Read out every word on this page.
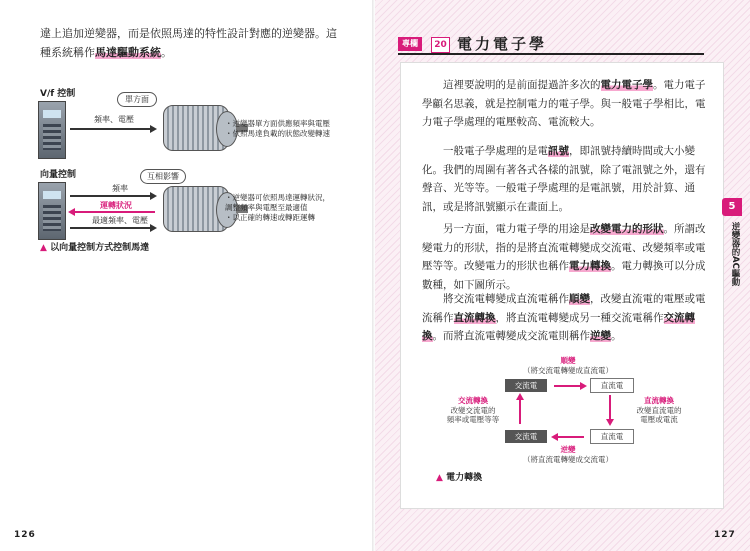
違上追加逆變器，而是依照馬達的特性設計對應的逆變器。這種系統稱作馬達驅動系統。
V/f 控制
單方面
頻率、電壓	・逆變器單方面供應頻率與電壓
・依照馬達負載的狀態改變轉速
向量控制	互相影響
頻率
運轉狀況
最適頻率、電壓
・逆變器可依照馬達運轉狀況，
調整頻率與電壓至最適值
・以正確的轉速或轉距運轉
▲ 以向量控制方式控制馬達
126
專欄	20 電力電子學
這裡要說明的是前面提過許多次的電力電子學。電力電子學顧名思義，就是控制電力的電子學。與一般電子學相比，電力電子學處理的電壓較高、電流較大。
一般電子學處理的是電訊號，即訊號持續時間或大小變化。我們的周圍有著各式各樣的訊號，除了電訊號之外，還有聲音、光等等。一般電子學處理的是電訊號，用於計算、通訊，或是將訊號顯示在畫面上。
另一方面，電力電子學的用途是改變電力的形狀。所謂改變電力的形狀，指的是將直流電轉變成交流電、改變頻率或電壓等等。改變電力的形狀也稱作電力轉換。電力轉換可以分成數種，如下圖所示。
將交流電轉變成直流電稱作順變，改變直流電的電壓或電流稱作直流轉換，將直流電轉變成另一種交流電稱作交流轉換。而將直流電轉變成交流電則稱作逆變。
5
逆變器的AC驅動
順變
（將交流電轉變成直流電）
交流電	直流電
交流轉換
改變交流電的
頻率或電壓等等
直流轉換
改變直流電的
電壓或電流
交流電	直流電
逆變
（將直流電轉變成交流電）
▲ 電力轉換
127
